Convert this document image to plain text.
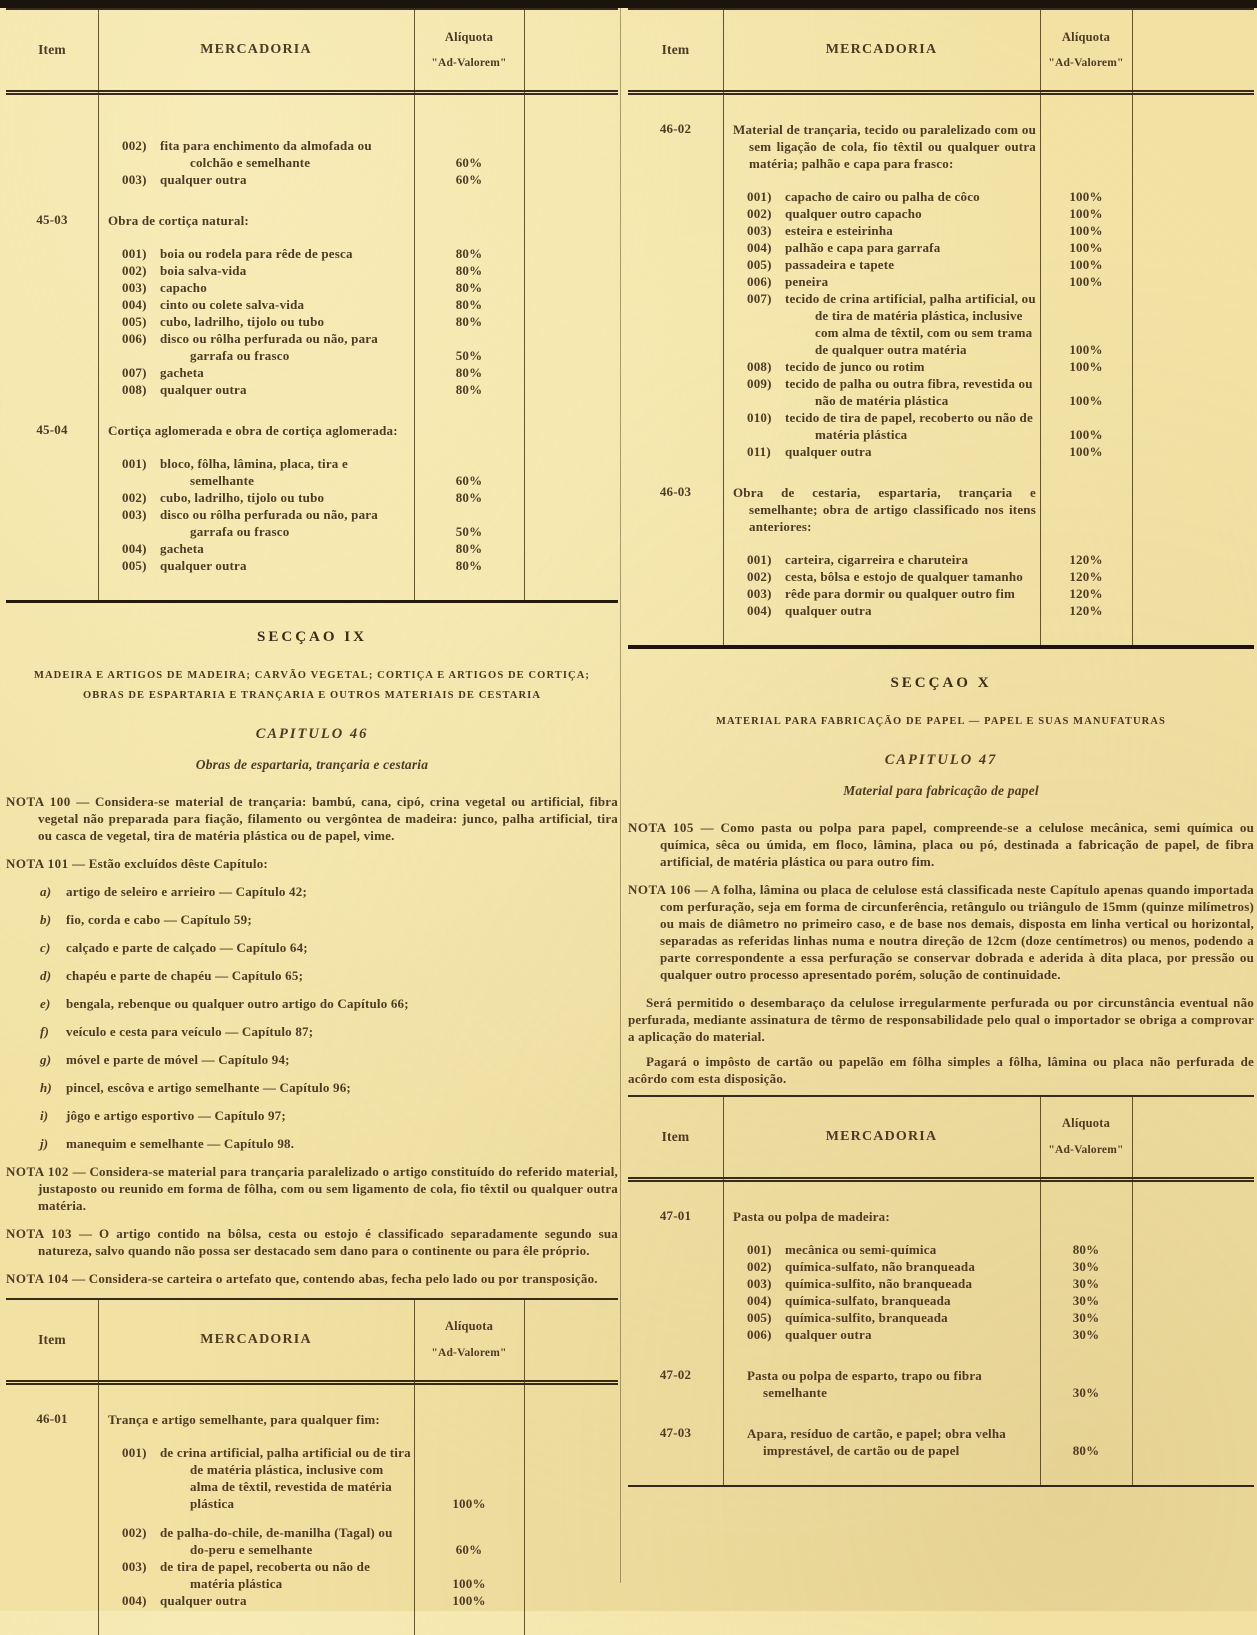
Item	MERCADORIA
Alíquota
"Ad-Valorem"
002)	fita para enchimento da almofada ou colchão e semelhante	60%
003)	qualquer outra	60%
45-03	Obra de cortiça natural:
001)	boia ou rodela para rêde de pesca	80%
002)	boia salva-vida	80%
003)	capacho	80%
004)	cinto ou colete salva-vida	80%
005)	cubo, ladrilho, tijolo ou tubo	80%
006)	disco ou rôlha perfurada ou não, para garrafa ou frasco	50%
007)	gacheta	80%
008)	qualquer outra	80%
45-04	Cortiça aglomerada e obra de cortiça aglomerada:
001)	bloco, fôlha, lâmina, placa, tira e semelhante	60%
002)	cubo, ladrilho, tijolo ou tubo	80%
003)	disco ou rôlha perfurada ou não, para garrafa ou frasco	50%
004)	gacheta	80%
005)	qualquer outra	80%
SECÇAO IX
MADEIRA E ARTIGOS DE MADEIRA; CARVÃO VEGETAL; CORTIÇA E ARTIGOS DE CORTIÇA;
OBRAS DE ESPARTARIA E TRANÇARIA E OUTROS MATERIAIS DE CESTARIA
CAPITULO 46
Obras de espartaria, trançaria e cestaria
NOTA 100 — Considera-se material de trançaria: bambú, cana, cipó, crina vegetal ou artificial, fibra vegetal não preparada para fiação, filamento ou vergôntea de madeira: junco, palha artificial, tira ou casca de vegetal, tira de matéria plástica ou de papel, vime.
NOTA 101 — Estão excluídos dêste Capítulo:
a) artigo de seleiro e arrieiro — Capítulo 42;
b) fio, corda e cabo — Capítulo 59;
c) calçado e parte de calçado — Capítulo 64;
d) chapéu e parte de chapéu — Capítulo 65;
e) bengala, rebenque ou qualquer outro artigo do Capítulo 66;
f) veículo e cesta para veículo — Capítulo 87;
g) móvel e parte de móvel — Capítulo 94;
h) pincel, escôva e artigo semelhante — Capítulo 96;
i) jôgo e artigo esportivo — Capítulo 97;
j) manequim e semelhante — Capítulo 98.
NOTA 102 — Considera-se material para trançaria paralelizado o artigo constituído do referido material, justaposto ou reunido em forma de fôlha, com ou sem ligamento de cola, fio têxtil ou qualquer outra matéria.
NOTA 103 — O artigo contido na bôlsa, cesta ou estojo é classificado separadamente segundo sua natureza, salvo quando não possa ser destacado sem dano para o continente ou para êle próprio.
NOTA 104 — Considera-se carteira o artefato que, contendo abas, fecha pelo lado ou por transposição.
Item	MERCADORIA
Alíquota
"Ad-Valorem"
46-01	Trança e artigo semelhante, para qualquer fim:
001)	de crina artificial, palha artificial ou de tira de matéria plástica, inclusive com alma de têxtil, revestida de matéria plástica	100%
002)	de palha-do-chile, de-manilha (Tagal) ou do-peru e semelhante	60%
003)	de tira de papel, recoberta ou não de matéria plástica	100%
004)	qualquer outra	100%
Item	MERCADORIA
Alíquota
"Ad-Valorem"
46-02	Material de trançaria, tecido ou paralelizado com ou sem ligação de cola, fio têxtil ou qualquer outra matéria; palhão e capa para frasco:
001)	capacho de cairo ou palha de côco	100%
002)	qualquer outro capacho	100%
003)	esteira e esteirinha	100%
004)	palhão e capa para garrafa	100%
005)	passadeira e tapete	100%
006)	peneira	100%
007)	tecido de crina artificial, palha artificial, ou de tira de matéria plástica, inclusive com alma de têxtil, com ou sem trama de qualquer outra matéria	100%
008)	tecido de junco ou rotim	100%
009)	tecido de palha ou outra fibra, revestida ou não de matéria plástica	100%
010)	tecido de tira de papel, recoberto ou não de matéria plástica	100%
011)	qualquer outra	100%
46-03	Obra de cestaria, espartaria, trançaria e semelhante; obra de artigo classificado nos itens anteriores:
001)	carteira, cigarreira e charuteira	120%
002)	cesta, bôlsa e estojo de qualquer tamanho	120%
003)	rêde para dormir ou qualquer outro fim	120%
004)	qualquer outra	120%
SECÇAO X
MATERIAL PARA FABRICAÇÃO DE PAPEL — PAPEL E SUAS MANUFATURAS
CAPITULO 47
Material para fabricação de papel
NOTA 105 — Como pasta ou polpa para papel, compreende-se a celulose mecânica, semi química ou química, sêca ou úmida, em floco, lâmina, placa ou pó, destinada a fabricação de papel, de fibra artificial, de matéria plástica ou para outro fim.
NOTA 106 — A folha, lâmina ou placa de celulose está classificada neste Capítulo apenas quando importada com perfuração, seja em forma de circunferência, retângulo ou triângulo de 15mm (quinze milímetros) ou mais de diâmetro no primeiro caso, e de base nos demais, disposta em linha vertical ou horizontal, separadas as referidas linhas numa e noutra direção de 12cm (doze centímetros) ou menos, podendo a parte correspondente a essa perfuração se conservar dobrada e aderida à dita placa, por pressão ou qualquer outro processo apresentado porém, solução de continuidade.
Será permitido o desembaraço da celulose irregularmente perfurada ou por circunstância eventual não perfurada, mediante assinatura de têrmo de responsabilidade pelo qual o importador se obriga a comprovar a aplicação do material.
Pagará o impôsto de cartão ou papelão em fôlha simples a fôlha, lâmina ou placa não perfurada de acôrdo com esta disposição.
Item	MERCADORIA
Alíquota
"Ad-Valorem"
47-01	Pasta ou polpa de madeira:
001)	mecânica ou semi-química	80%
002)	química-sulfato, não branqueada	30%
003)	química-sulfito, não branqueada	30%
004)	química-sulfato, branqueada	30%
005)	química-sulfito, branqueada	30%
006)	qualquer outra	30%
47-02	Pasta ou polpa de esparto, trapo ou fibra semelhante	30%
47-03	Apara, resíduo de cartão, e papel; obra velha imprestável, de cartão ou de papel	80%
